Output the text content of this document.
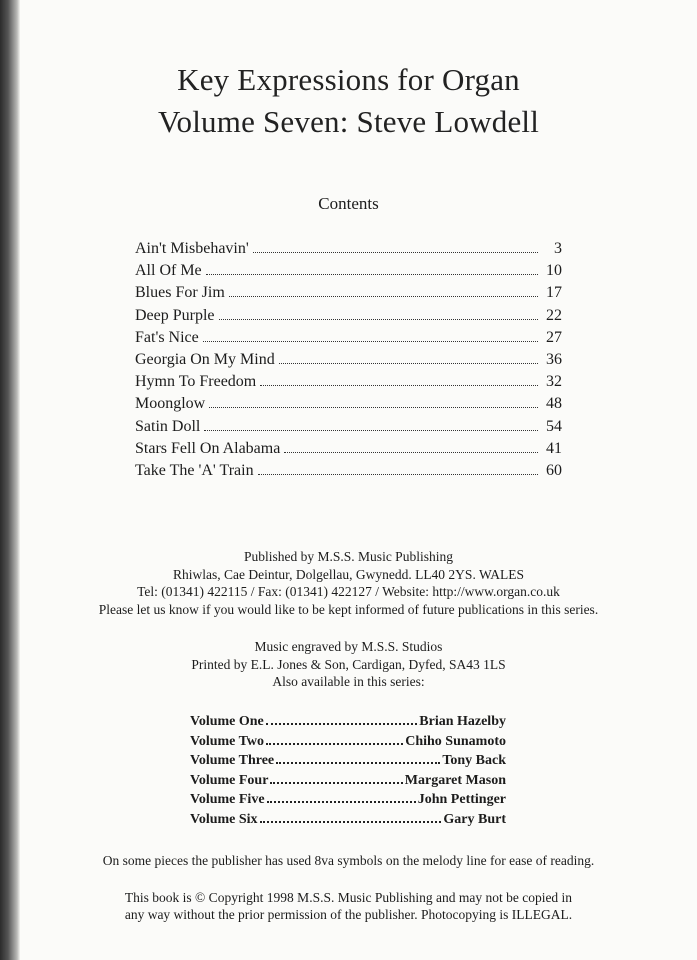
Key Expressions for Organ
Volume Seven: Steve Lowdell
Contents
Ain't Misbehavin'	3
All Of Me	10
Blues For Jim	17
Deep Purple	22
Fat's Nice	27
Georgia On My Mind	36
Hymn To Freedom	32
Moonglow	48
Satin Doll	54
Stars Fell On Alabama	41
Take The 'A' Train	60
Published by M.S.S. Music Publishing
Rhiwlas, Cae Deintur, Dolgellau, Gwynedd. LL40 2YS. WALES
Tel: (01341) 422115 / Fax: (01341) 422127 / Website: http://www.organ.co.uk
Please let us know if you would like to be kept informed of future publications in this series.
Music engraved by M.S.S. Studios
Printed by E.L. Jones & Son, Cardigan, Dyfed, SA43 1LS
Also available in this series:
Volume One	Brian Hazelby
Volume Two	Chiho Sunamoto
Volume Three	Tony Back
Volume Four	Margaret Mason
Volume Five	John Pettinger
Volume Six	Gary Burt
On some pieces the publisher has used 8va symbols on the melody line for ease of reading.
This book is © Copyright 1998 M.S.S. Music Publishing and may not be copied in
any way without the prior permission of the publisher. Photocopying is ILLEGAL.
